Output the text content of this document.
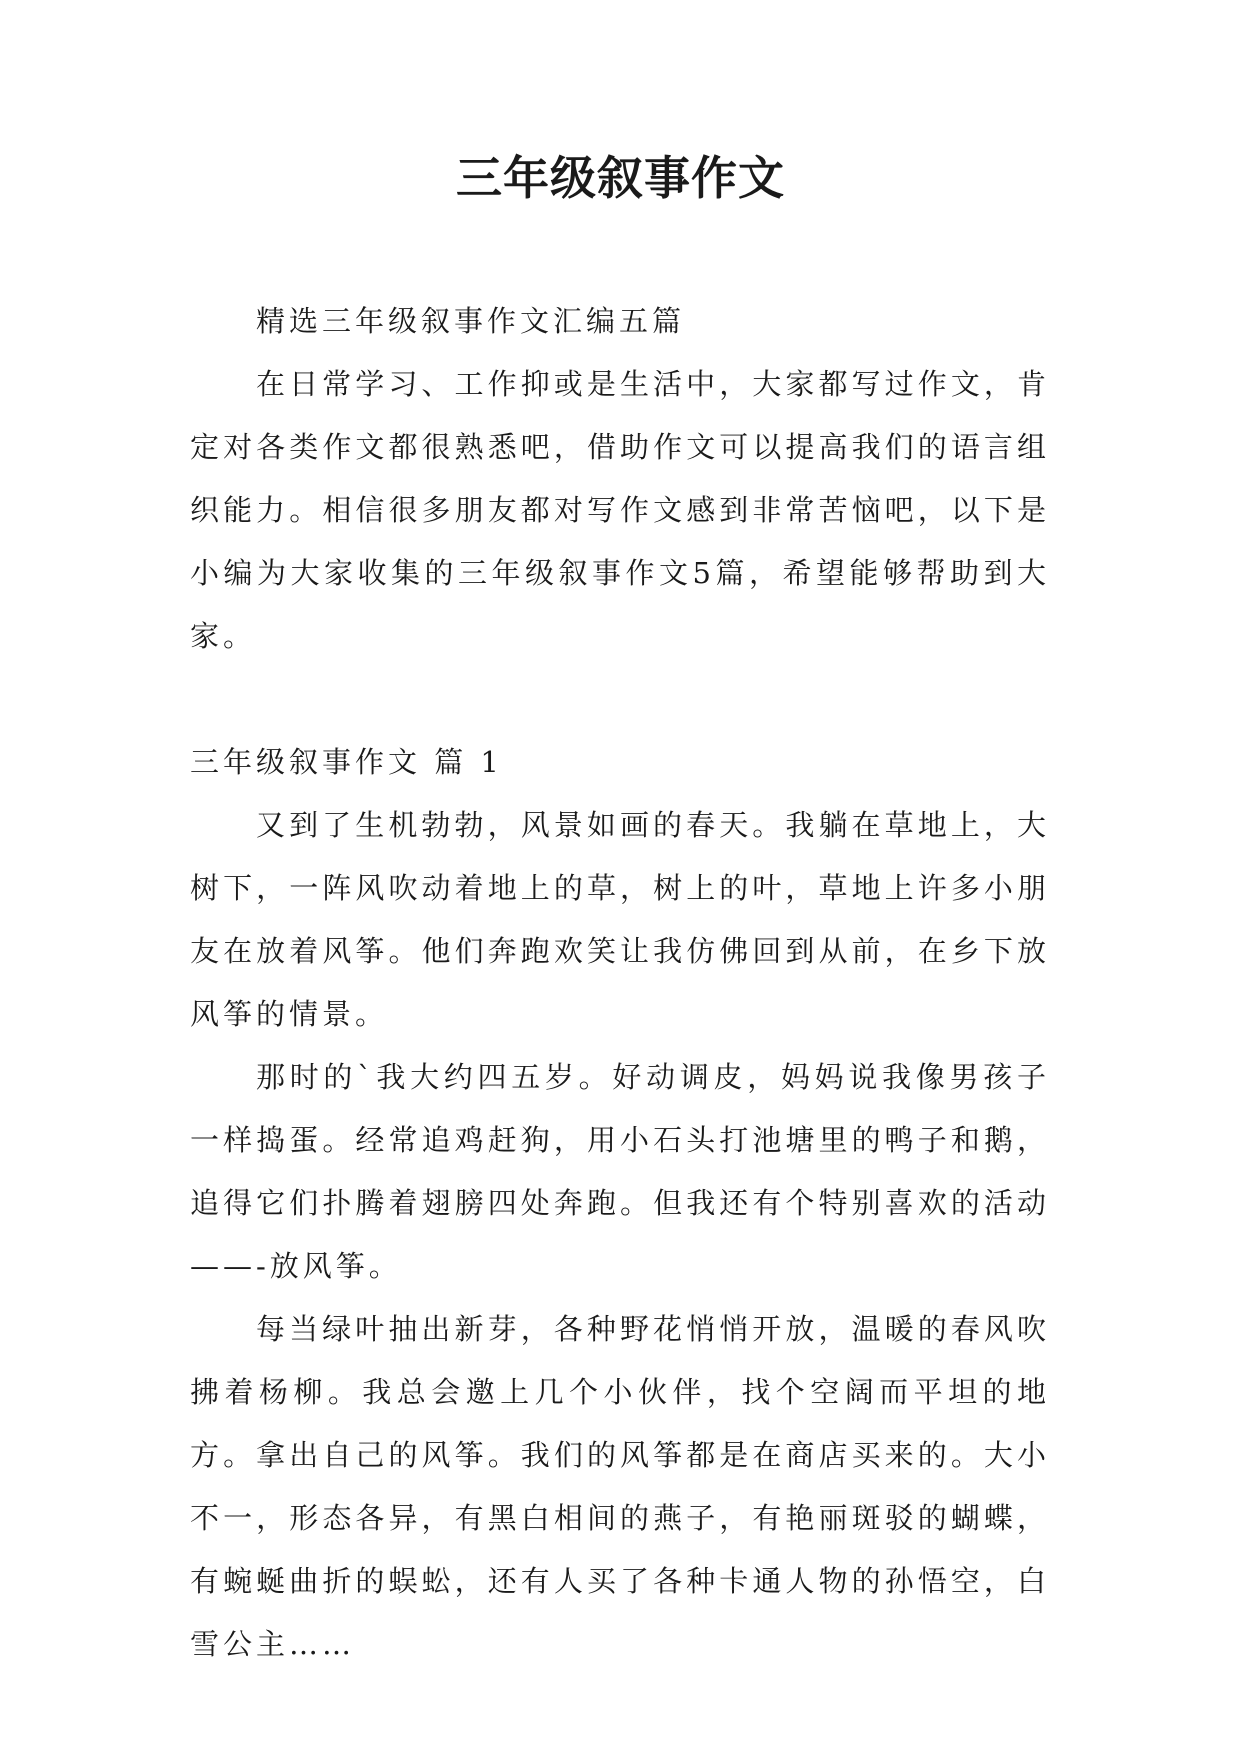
三年级叙事作文

精选三年级叙事作文汇编五篇

在日常学习、工作抑或是生活中，大家都写过作文，肯定对各类作文都很熟悉吧，借助作文可以提高我们的语言组织能力。相信很多朋友都对写作文感到非常苦恼吧，以下是小编为大家收集的三年级叙事作文5篇，希望能够帮助到大家。

三年级叙事作文 篇 1

又到了生机勃勃，风景如画的春天。我躺在草地上，大树下，一阵风吹动着地上的草，树上的叶，草地上许多小朋友在放着风筝。他们奔跑欢笑让我仿佛回到从前，在乡下放风筝的情景。

那时的`我大约四五岁。好动调皮，妈妈说我像男孩子一样捣蛋。经常追鸡赶狗，用小石头打池塘里的鸭子和鹅，追得它们扑腾着翅膀四处奔跑。但我还有个特别喜欢的活动——-放风筝。

每当绿叶抽出新芽，各种野花悄悄开放，温暖的春风吹拂着杨柳。我总会邀上几个小伙伴，找个空阔而平坦的地方。拿出自己的风筝。我们的风筝都是在商店买来的。大小不一，形态各异，有黑白相间的燕子，有艳丽斑驳的蝴蝶，有蜿蜒曲折的蜈蚣，还有人买了各种卡通人物的孙悟空，白雪公主……
